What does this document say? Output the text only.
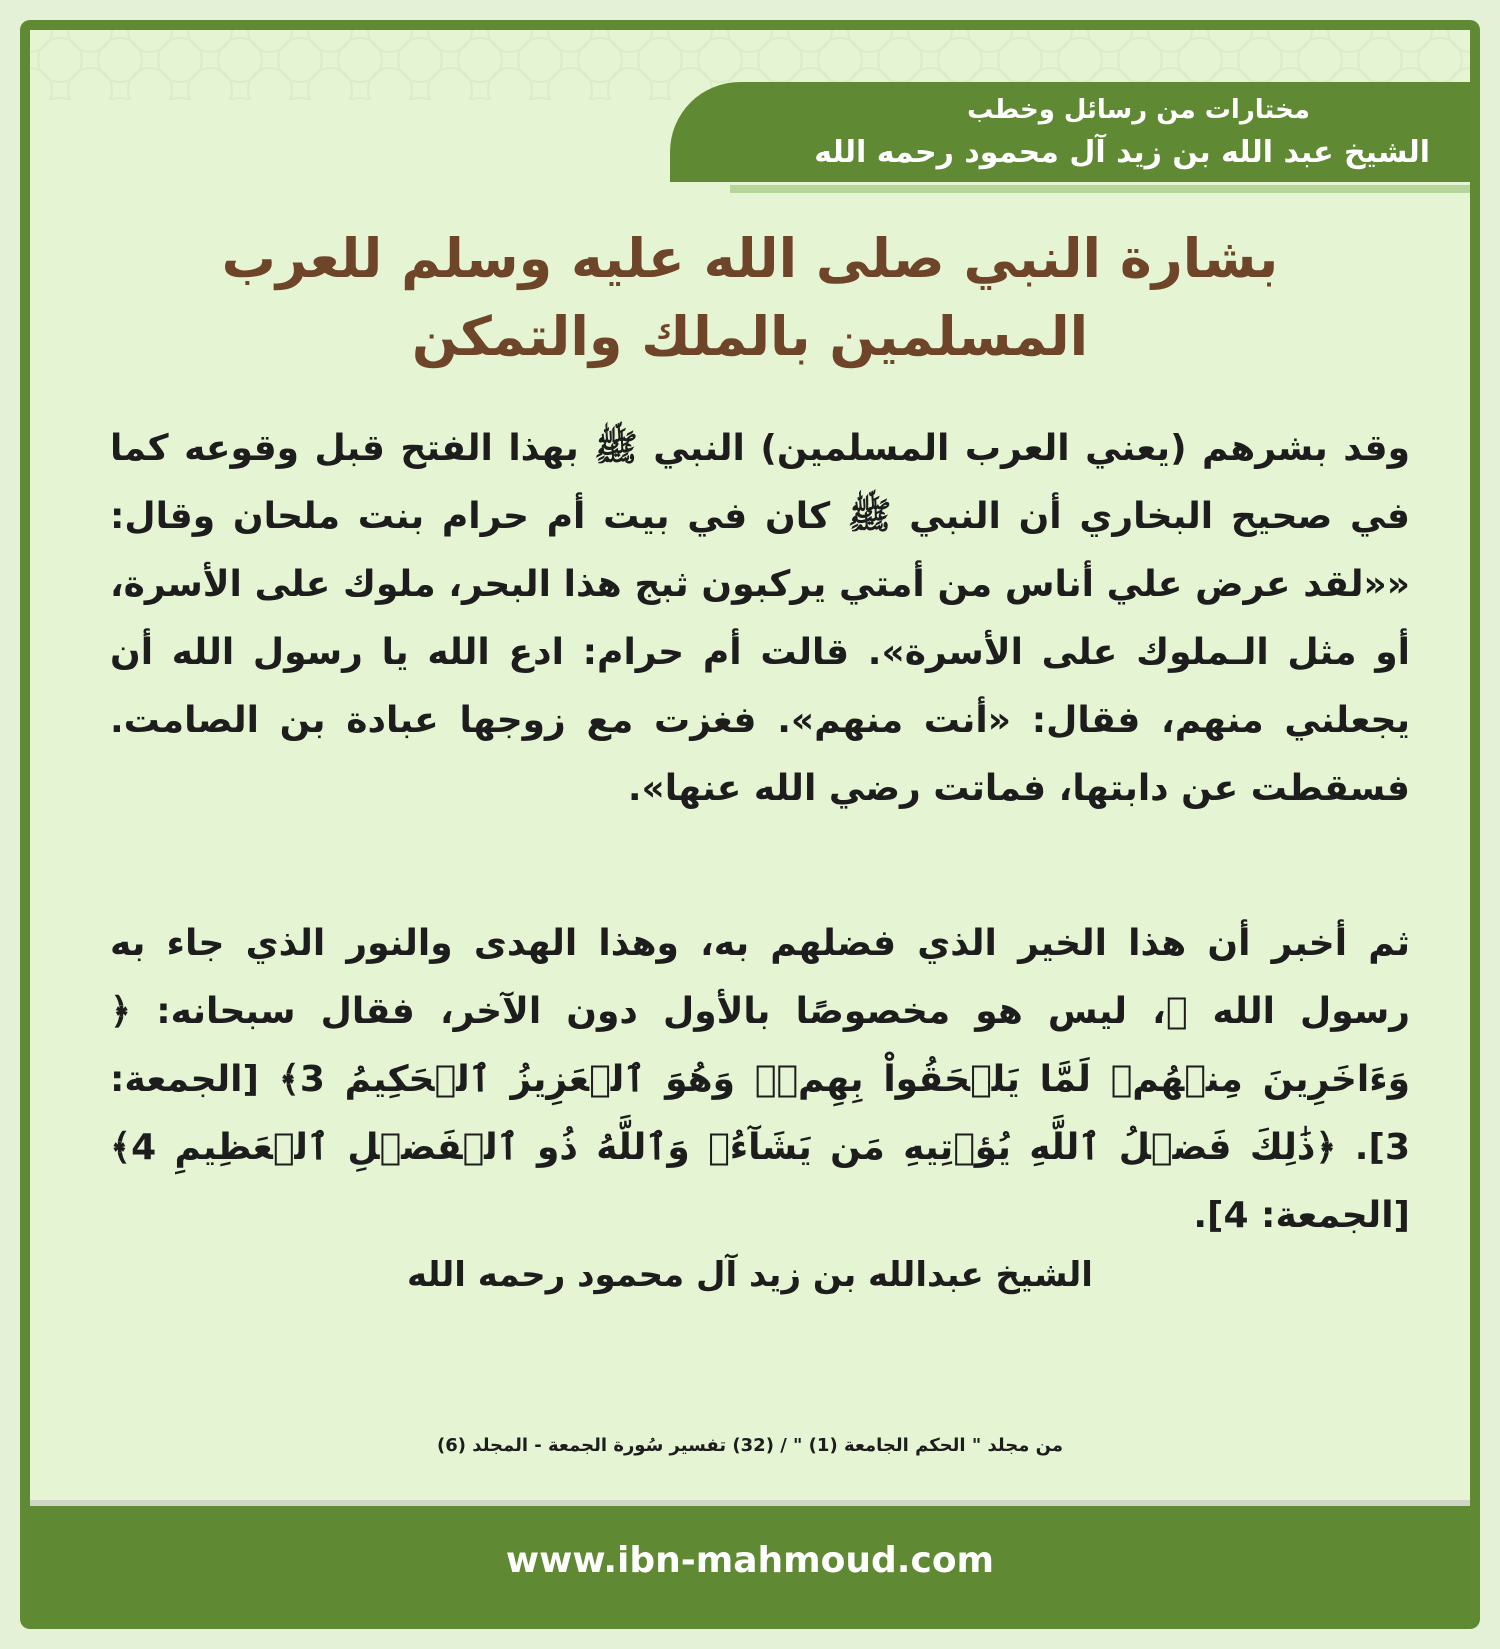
مختارات من رسائل وخطب
الشيخ عبد الله بن زيد آل محمود رحمه الله
بشارة النبي صلى الله عليه وسلم للعرب
المسلمين بالملك والتمكن

وقد بشرهم (يعني العرب المسلمين) النبي ﷺ بهذا الفتح قبل وقوعه كما في صحيح البخاري أن النبي ﷺ كان في بيت أم حرام بنت ملحان وقال: ««لقد عرض علي أناس من أمتي يركبون ثبج هذا البحر، ملوك على الأسرة، أو مثل الـملوك على الأسرة». قالت أم حرام: ادع الله يا رسول الله أن يجعلني منهم، فقال: «أنت منهم». فغزت مع زوجها عبادة بن الصامت. فسقطت عن دابتها، فماتت رضي الله عنها».

ثم أخبر أن هذا الخير الذي فضلهم به، وهذا الهدى والنور الذي جاء به رسول الله ﷺ، ليس هو مخصوصًا بالأول دون الآخر، فقال سبحانه: ﴿ وَءَاخَرِينَ مِنۡهُمۡ لَمَّا يَلۡحَقُواْ بِهِمۡۚ وَهُوَ ٱلۡعَزِيزُ ٱلۡحَكِيمُ 3﴾ [الجمعة: 3]. ﴿ذَٰلِكَ فَضۡلُ ٱللَّهِ يُؤۡتِيهِ مَن يَشَآءُۚ وَٱللَّهُ ذُو ٱلۡفَضۡلِ ٱلۡعَظِيمِ 4﴾ [الجمعة: 4].

الشيخ عبدالله بن زيد آل محمود رحمه الله
من مجلد " الحكم الجامعة (1) " / (32) تفسير سُورة الجمعة - المجلد (6)
www.ibn-mahmoud.com
